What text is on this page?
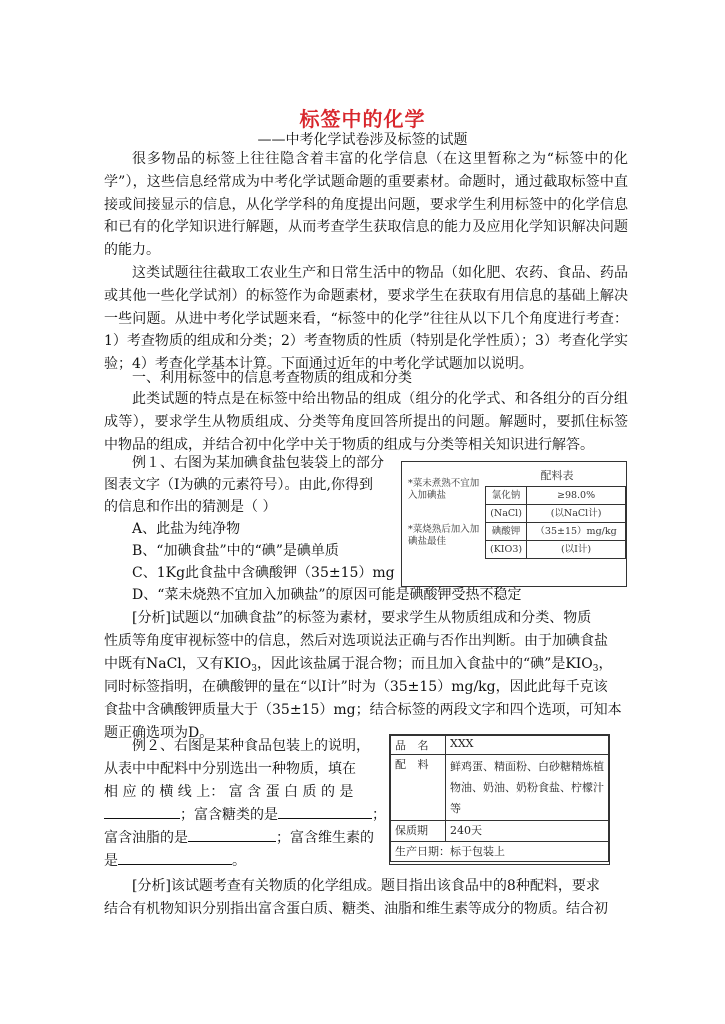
标签中的化学
——中考化学试卷涉及标签的试题

很多物品的标签上往往隐含着丰富的化学信息（在这里暂称之为“标签中的化学”），这些信息经常成为中考化学试题命题的重要素材。命题时，通过截取标签中直接或间接显示的信息，从化学学科的角度提出问题，要求学生利用标签中的化学信息和已有的化学知识进行解题，从而考查学生获取信息的能力及应用化学知识解决问题的能力。

这类试题往往截取工农业生产和日常生活中的物品（如化肥、农药、食品、药品或其他一些化学试剂）的标签作为命题素材，要求学生在获取有用信息的基础上解决一些问题。从进中考化学试题来看，“标签中的化学”往往从以下几个角度进行考查：1）考查物质的组成和分类；2）考查物质的性质（特别是化学性质）；3）考查化学实验；4）考查化学基本计算。下面通过近年的中考化学试题加以说明。

一、利用标签中的信息考查物质的组成和分类

此类试题的特点是在标签中给出物品的组成（组分的化学式、和各组分的百分组成等），要求学生从物质组成、分类等角度回答所提出的问题。解题时，要抓住标签中物品的组成，并结合初中化学中关于物质的组成与分类等相关知识进行解答。

例１、右图为某加碘食盐包装袋上的部分
图表文字（I为碘的元素符号）。由此,你得到
的信息和作出的猜测是（ ）
A、此盐为纯净物
B、“加碘食盐”中的“碘”是碘单质
C、1Kg此食盐中含碘酸钾（35±15）mg
D、“菜未烧熟不宜加入加碘盐”的原因可能是碘酸钾受热不稳定
[分析]试题以“加碘食盐”的标签为素材，要求学生从物质组成和分类、物质
性质等角度审视标签中的信息，然后对选项说法正确与否作出判断。由于加碘食盐
中既有NaCl，又有$KIO_3$，因此该盐属于混合物；而且加入食盐中的“碘”是$KIO_3$，
同时标签指明，在碘酸钾的量在“以I计”时为（35±15）mg/kg，因此此每千克该
食盐中含碘酸钾质量大于（35±15）mg；结合标签的两段文字和四个选项，可知本
题正确选项为D。
*菜未煮熟不宜加入加碘盐
*菜烧熟后加入加碘盐最佳
配料表
氯化钠	≥98.0%
(NaCl)	(以NaCl计)
碘酸钾	（35±15）mg/kg
(KIO3)	(以I计)
例２、右图是某种食品包装上的说明，
从表中中配料中分别选出一种物质，填在
相 应 的 横 线 上： 富 含 蛋 白 质 的 是
；富含糖类的是	；
富含油脂的是	；富含维生素的
是	。
[分析]该试题考查有关物质的化学组成。题目指出该食品中的8种配料，要求
结合有机物知识分别指出富含蛋白质、糖类、油脂和维生素等成分的物质。结合初
品 名	XXX
配 料	鲜鸡蛋、精面粉、白砂糖精炼植物油、奶油、奶粉食盐、柠檬汁等
保质期	240天
生产日期：标于包装上	
